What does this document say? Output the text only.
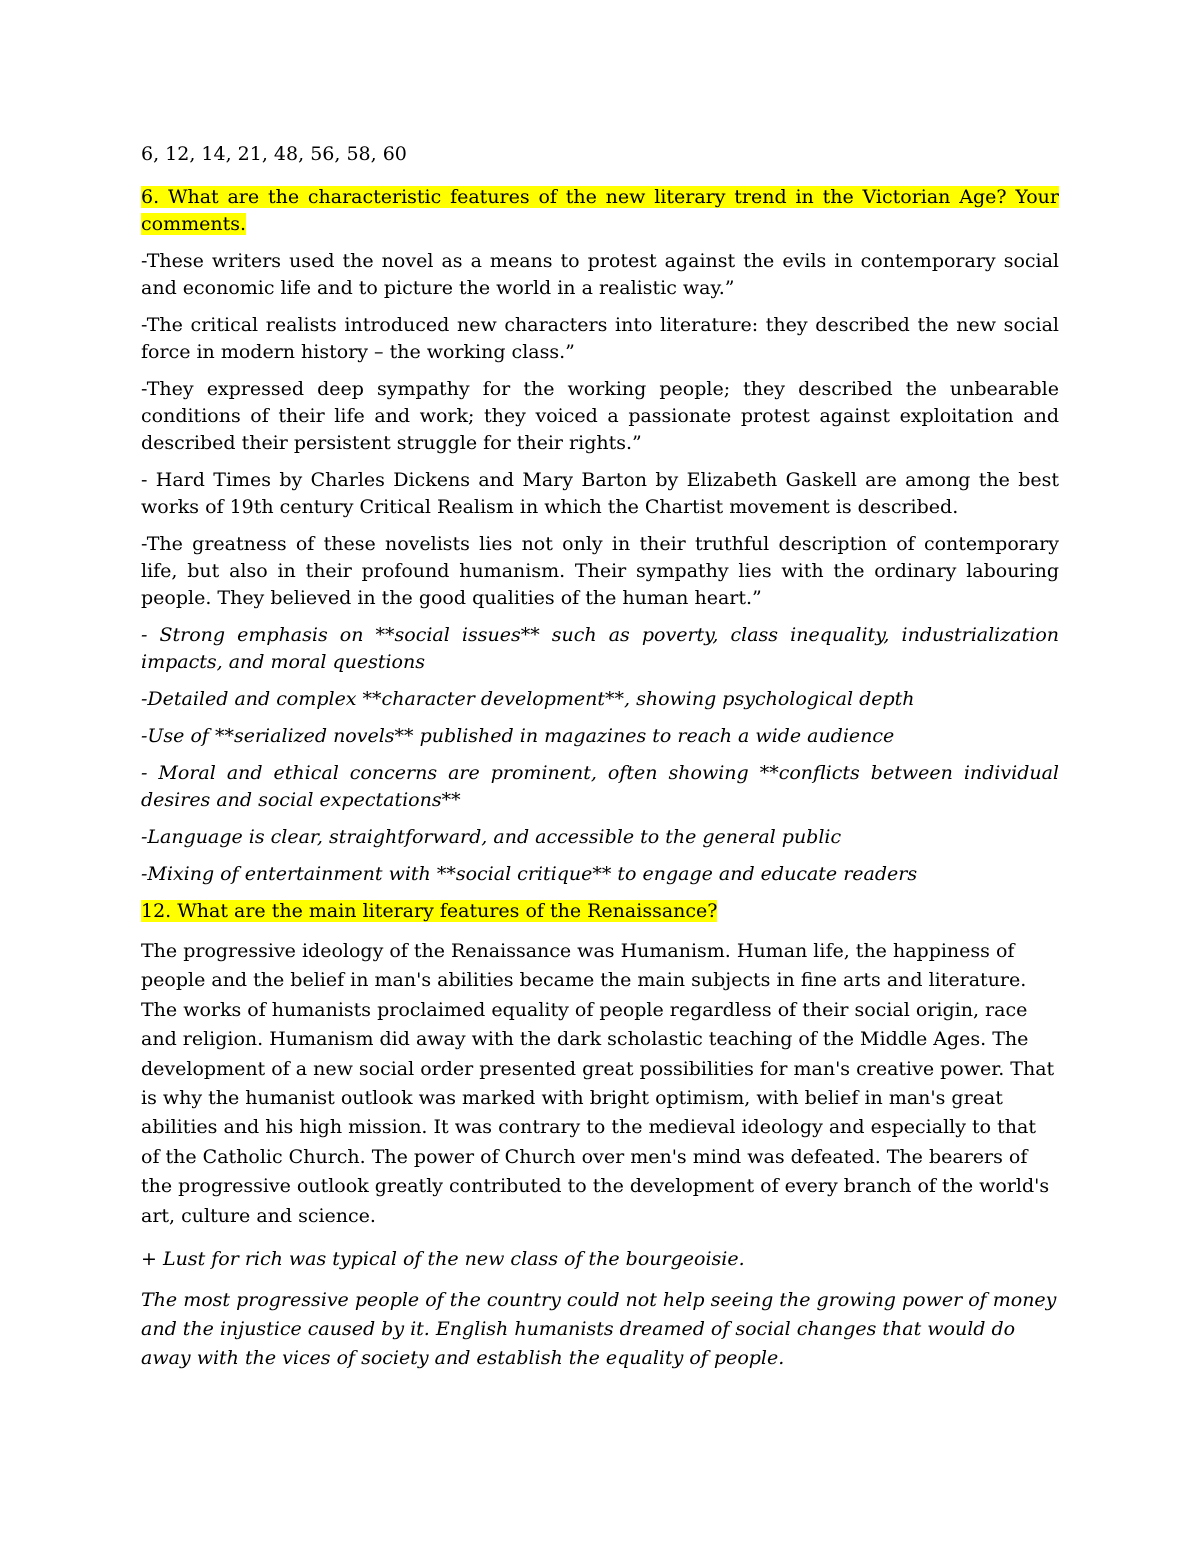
6, 12, 14, 21, 48, 56, 58, 60

6. What are the characteristic features of the new literary trend in the Victorian Age? Your comments.

-These writers used the novel as a means to protest against the evils in contemporary social and economic life and to picture the world in a realistic way.”

-The critical realists introduced new characters into literature: they described the new social force in modern history – the working class.”

-They expressed deep sympathy for the working people; they described the unbearable conditions of their life and work; they voiced a passionate protest against exploitation and described their persistent struggle for their rights.”

- Hard Times by Charles Dickens and Mary Barton by Elizabeth Gaskell are among the best works of 19th century Critical Realism in which the Chartist movement is described.

-The greatness of these novelists lies not only in their truthful description of contemporary life, but also in their profound humanism. Their sympathy lies with the ordinary labouring people. They believed in the good qualities of the human heart.”

- Strong emphasis on **social issues** such as poverty, class inequality, industrialization impacts, and moral questions

-Detailed and complex **character development**, showing psychological depth

-Use of **serialized novels** published in magazines to reach a wide audience

- Moral and ethical concerns are prominent, often showing **conflicts between individual desires and social expectations**

-Language is clear, straightforward, and accessible to the general public

-Mixing of entertainment with **social critique** to engage and educate readers

12. What are the main literary features of the Renaissance?

The progressive ideology of the Renaissance was Humanism. Human life, the happiness of people and the belief in man's abilities became the main subjects in fine arts and literature. The works of humanists proclaimed equality of people regardless of their social origin, race and religion. Humanism did away with the dark scholastic teaching of the Middle Ages. The development of a new social order presented great possibilities for man's creative power. That is why the humanist outlook was marked with bright optimism, with belief in man's great abilities and his high mission. It was contrary to the medieval ideology and especially to that of the Catholic Church. The power of Church over men's mind was defeated. The bearers of the progressive outlook greatly contributed to the development of every branch of the world's art, culture and science.

+ Lust for rich was typical of the new class of the bourgeoisie.

The most progressive people of the country could not help seeing the growing power of money and the injustice caused by it. English humanists dreamed of social changes that would do away with the vices of society and establish the equality of people.
